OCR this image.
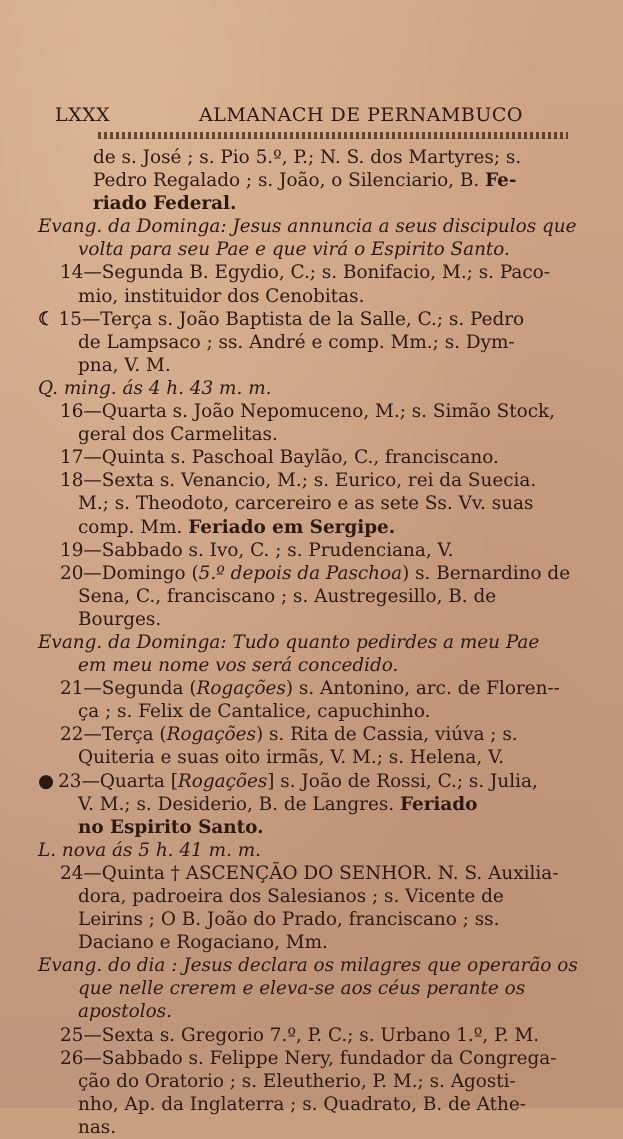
LXXX	ALMANACH DE PERNAMBUCO
de s. José ; s. Pio 5.º, P.; N. S. dos Martyres; s.
Pedro Regalado ; s. João, o Silenciario, B. Fe-
riado Federal.
Evang. da Dominga: Jesus annuncia a seus discipulos que
volta para seu Pae e que virá o Espirito Santo.
14—Segunda B. Egydio, C.; s. Bonifacio, M.; s. Paco-
mio, instituidor dos Cenobitas.
☾ 15—Terça s. João Baptista de la Salle, C.; s. Pedro
de Lampsaco ; ss. André e comp. Mm.; s. Dym-
pna, V. M.
Q. ming. ás 4 h. 43 m. m.
16—Quarta s. João Nepomuceno, M.; s. Simão Stock,
geral dos Carmelitas.
17—Quinta s. Paschoal Baylão, C., franciscano.
18—Sexta s. Venancio, M.; s. Eurico, rei da Suecia.
M.; s. Theodoto, carcereiro e as sete Ss. Vv. suas
comp. Mm. Feriado em Sergipe.
19—Sabbado s. Ivo, C. ; s. Prudenciana, V.
20—Domingo (5.º depois da Paschoa) s. Bernardino de
Sena, C., franciscano ; s. Austregesillo, B. de
Bourges.
Evang. da Dominga: Tudo quanto pedirdes a meu Pae
em meu nome vos será concedido.
21—Segunda (Rogações) s. Antonino, arc. de Floren--
ça ; s. Felix de Cantalice, capuchinho.
22—Terça (Rogações) s. Rita de Cassia, viúva ; s.
Quiteria e suas oito irmãs, V. M.; s. Helena, V.
● 23—Quarta [Rogações] s. João de Rossi, C.; s. Julia,
V. M.; s. Desiderio, B. de Langres. Feriado
no Espirito Santo.
L. nova ás 5 h. 41 m. m.
24—Quinta † ASCENÇÃO DO SENHOR. N. S. Auxilia-
dora, padroeira dos Salesianos ; s. Vicente de
Leirins ; O B. João do Prado, franciscano ; ss.
Daciano e Rogaciano, Mm.
Evang. do dia : Jesus declara os milagres que operarão os
que nelle crerem e eleva-se aos céus perante os
apostolos.
25—Sexta s. Gregorio 7.º, P. C.; s. Urbano 1.º, P. M.
26—Sabbado s. Felippe Nery, fundador da Congrega-
ção do Oratorio ; s. Eleutherio, P. M.; s. Agosti-
nho, Ap. da Inglaterra ; s. Quadrato, B. de Athe-
nas.
